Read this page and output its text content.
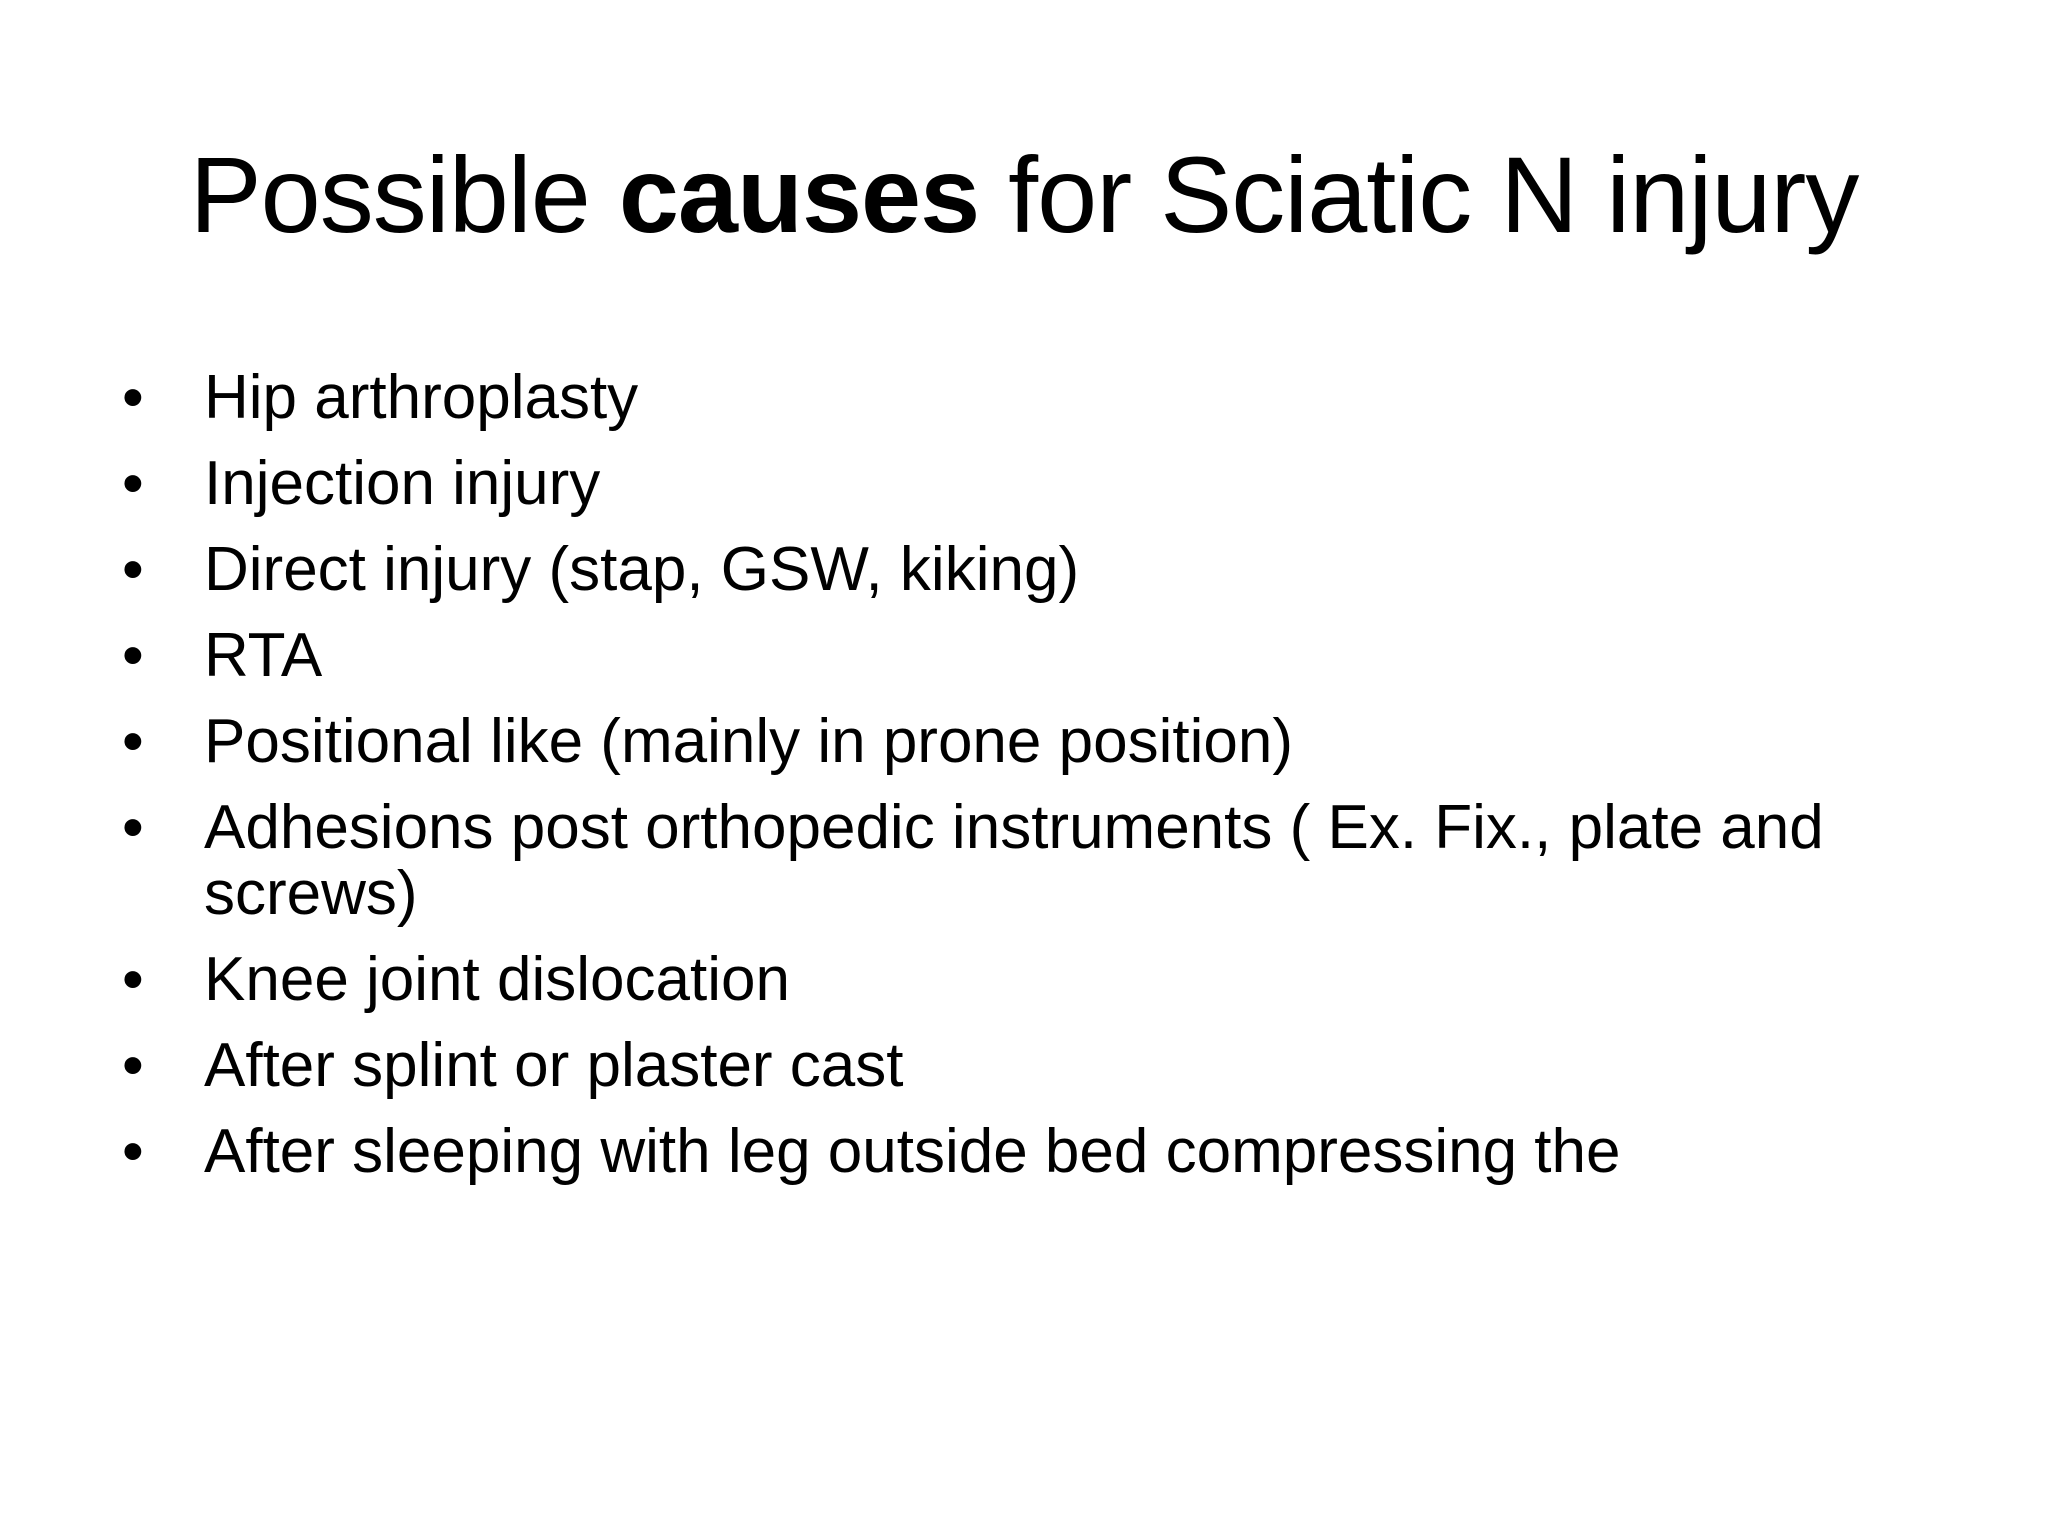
Possible causes for Sciatic N injury
• Hip arthroplasty
• Injection injury
• Direct injury (stap, GSW, kiking)
• RTA
• Positional like (mainly in prone position)
• Adhesions post orthopedic instruments ( Ex. Fix., plate and screws)
• Knee joint dislocation
• After splint or plaster cast
• After sleeping with leg outside bed compressing the
